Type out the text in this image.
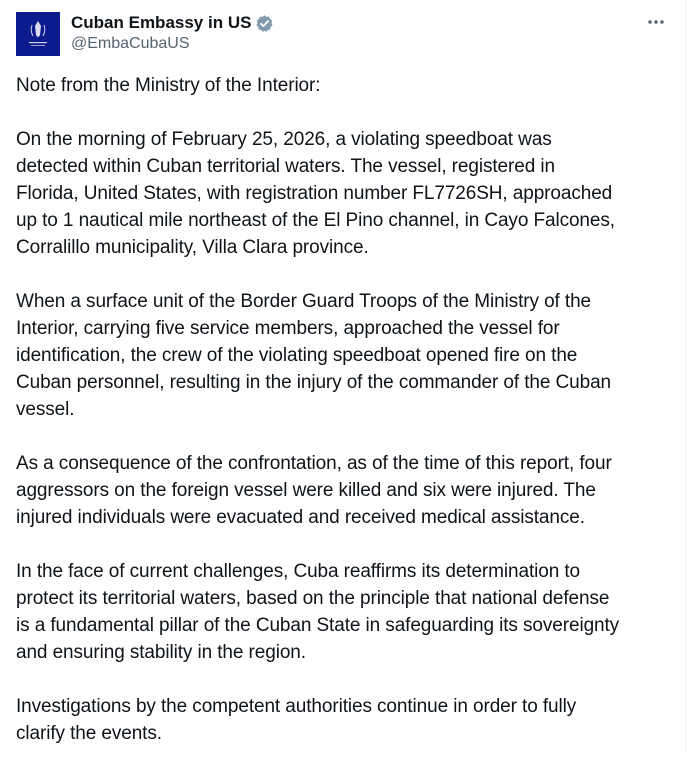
Cuban Embassy in US
@EmbaCubaUS

Note from the Ministry of the Interior:

On the morning of February 25, 2026, a violating speedboat was
detected within Cuban territorial waters. The vessel, registered in
Florida, United States, with registration number FL7726SH, approached
up to 1 nautical mile northeast of the El Pino channel, in Cayo Falcones,
Corralillo municipality, Villa Clara province.

When a surface unit of the Border Guard Troops of the Ministry of the
Interior, carrying five service members, approached the vessel for
identification, the crew of the violating speedboat opened fire on the
Cuban personnel, resulting in the injury of the commander of the Cuban
vessel.

As a consequence of the confrontation, as of the time of this report, four
aggressors on the foreign vessel were killed and six were injured. The
injured individuals were evacuated and received medical assistance.

In the face of current challenges, Cuba reaffirms its determination to
protect its territorial waters, based on the principle that national defense
is a fundamental pillar of the Cuban State in safeguarding its sovereignty
and ensuring stability in the region.

Investigations by the competent authorities continue in order to fully
clarify the events.
